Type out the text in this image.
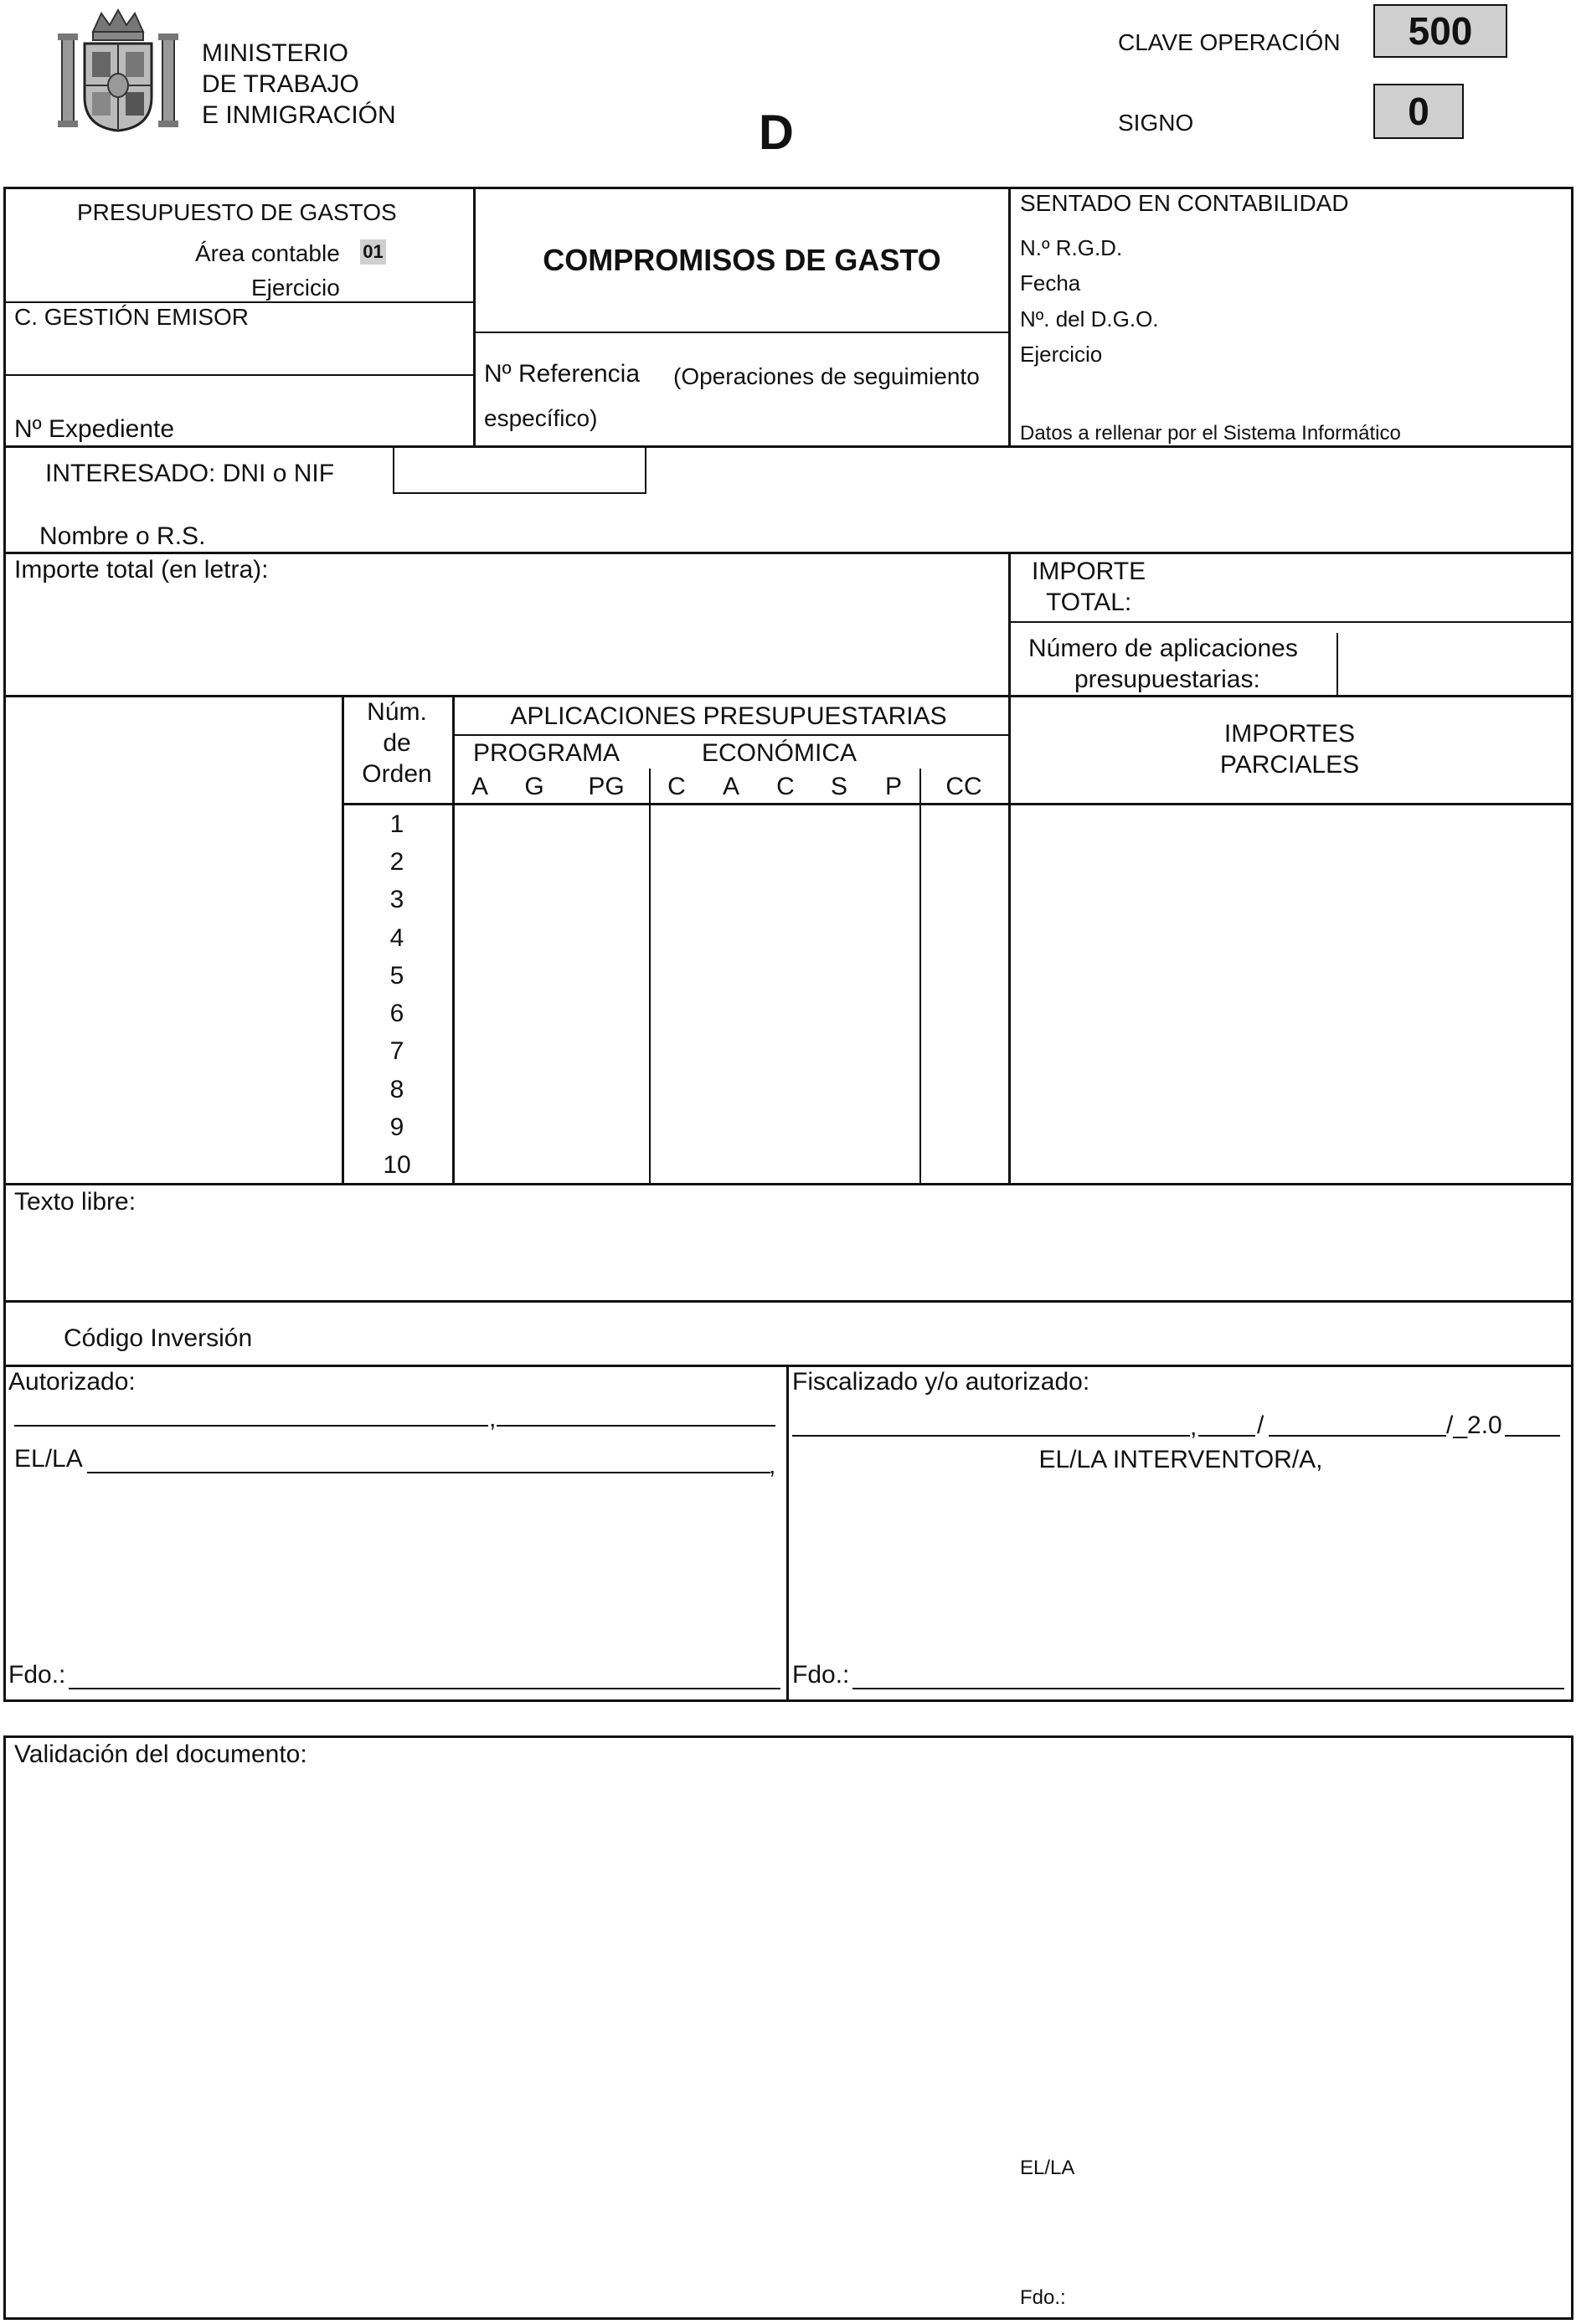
MINISTERIO
DE TRABAJO
E INMIGRACIÓN	D
CLAVE OPERACIÓN	500
SIGNO	0
PRESUPUESTO DE GASTOS
Área contable 01
Ejercicio
C. GESTIÓN EMISOR
Nº Expediente
COMPROMISOS DE GASTO
Nº Referencia (Operaciones de seguimiento
específico)
SENTADO EN CONTABILIDAD
N.º R.G.D.
Fecha
Nº. del D.G.O.
Ejercicio
Datos a rellenar por el Sistema Informático
INTERESADO: DNI o NIF
Nombre o R.S.
Importe total (en letra):	IMPORTE
TOTAL:
Número de aplicaciones
presupuestarias:
Núm.
de
Orden
APLICACIONES PRESUPUESTARIAS
PROGRAMA	ECONÓMICA
A G PG C A C S P CC
IMPORTES
PARCIALES
1
2
3
4
5
6
7
8
9
10
Texto libre:
Código Inversión
Autorizado:
,
EL/LA	,
Fdo.:
Fiscalizado y/o autorizado:
, /	/_2.0
EL/LA INTERVENTOR/A,
Fdo.:
Validación del documento:
EL/LA
Fdo.:
